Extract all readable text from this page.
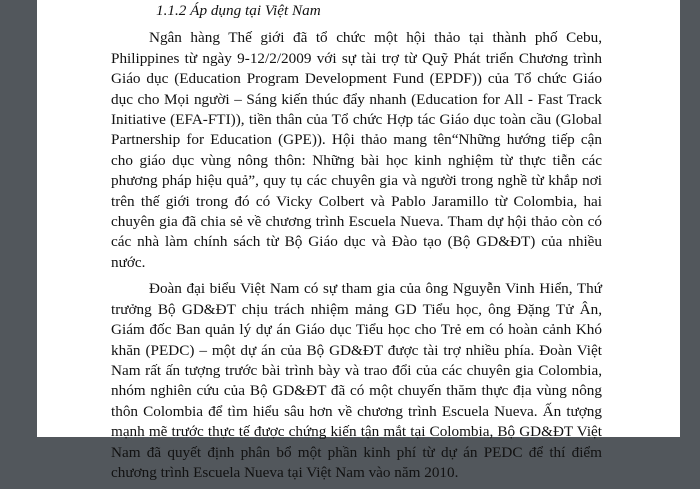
1.1.2 Áp dụng tại Việt Nam

Ngân hàng Thế giới đã tổ chức một hội thảo tại thành phố Cebu, Philippines từ ngày 9-12/2/2009 với sự tài trợ từ Quỹ Phát triển Chương trình Giáo dục (Education Program Development Fund (EPDF)) của Tổ chức Giáo dục cho Mọi người – Sáng kiến thúc đẩy nhanh (Education for All - Fast Track Initiative (EFA-FTI)), tiền thân của Tổ chức Hợp tác Giáo dục toàn cầu (Global Partnership for Education (GPE)). Hội thảo mang tên“Những hướng tiếp cận cho giáo dục vùng nông thôn: Những bài học kinh nghiệm từ thực tiễn các phương pháp hiệu quả”, quy tụ các chuyên gia và người trong nghề từ khắp nơi trên thế giới trong đó có Vicky Colbert và Pablo Jaramillo từ Colombia, hai chuyên gia đã chia sẻ về chương trình Escuela Nueva. Tham dự hội thảo còn có các nhà làm chính sách từ Bộ Giáo dục và Đào tạo (Bộ GD&ĐT) của nhiều nước.

Đoàn đại biểu Việt Nam có sự tham gia của ông Nguyễn Vinh Hiển, Thứ trưởng Bộ GD&ĐT chịu trách nhiệm mảng GD Tiểu học, ông Đặng Tử Ân, Giám đốc Ban quản lý dự án Giáo dục Tiểu học cho Trẻ em có hoàn cảnh Khó khăn (PEDC) – một dự án của Bộ GD&ĐT được tài trợ nhiều phía. Đoàn Việt Nam rất ấn tượng trước bài trình bày và trao đổi của các chuyên gia Colombia, nhóm nghiên cứu của Bộ GD&ĐT đã có một chuyến thăm thực địa vùng nông thôn Colombia để tìm hiểu sâu hơn về chương trình Escuela Nueva. Ấn tượng mạnh mẽ trước thực tế được chứng kiến tận mắt tại Colombia, Bộ GD&ĐT Việt Nam đã quyết định phân bổ một phần kinh phí từ dự án PEDC để thí điểm chương trình Escuela Nueva tại Việt Nam vào năm 2010.
